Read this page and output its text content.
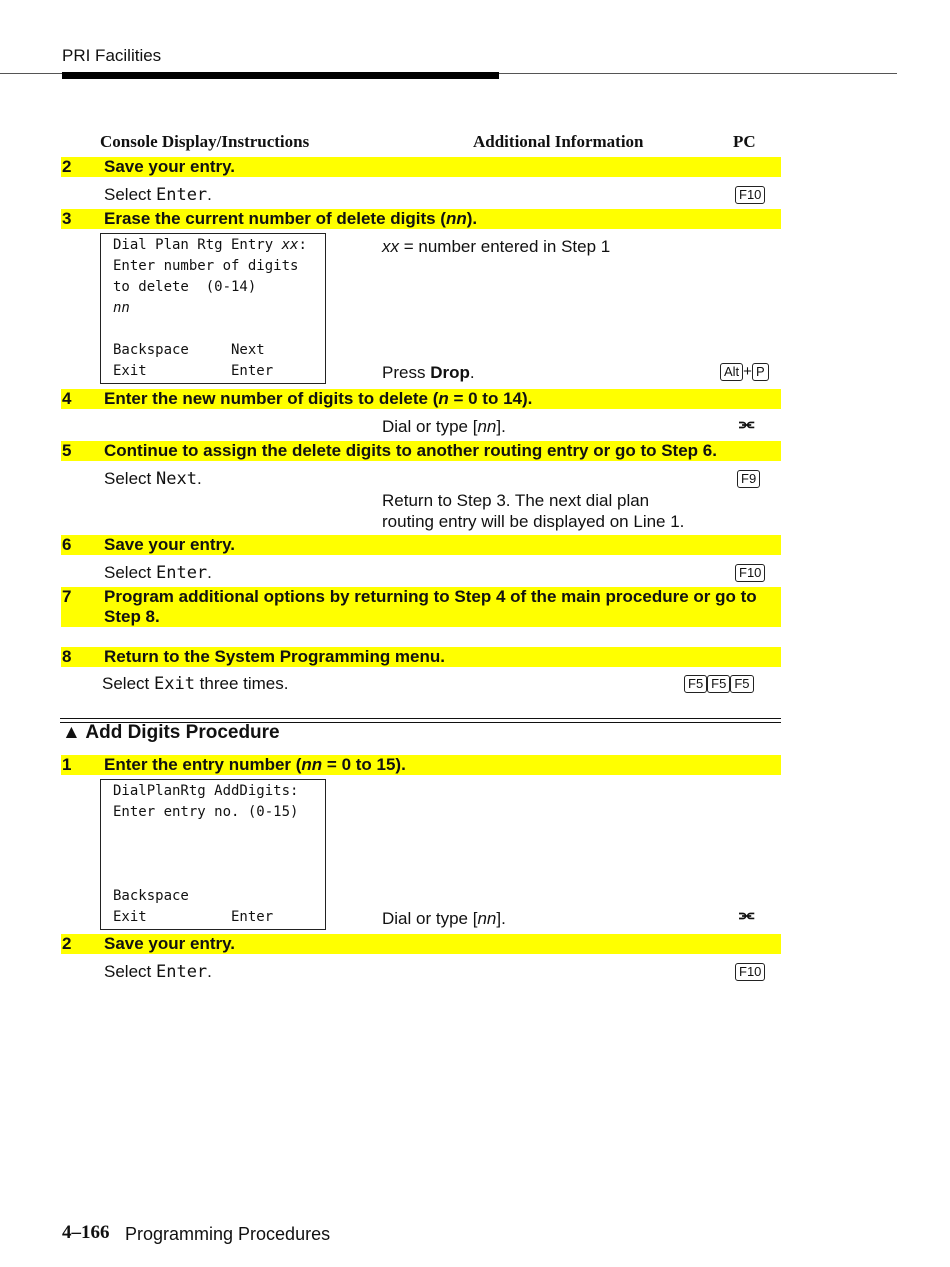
PRI Facilities
Console Display/Instructions	Additional Information	PC
2 Save your entry.
Select Enter.	F10
3 Erase the current number of delete digits (nn).
Dial Plan Rtg Entry xx:
Enter number of digits
to delete  (0-14)
nn
Backspace     Next
Exit          Enter
xx = number entered in Step 1
Press Drop.	Alt + P
4 Enter the new number of digits to delete (n = 0 to 14).
Dial or type [nn].	⫘
5 Continue to assign the delete digits to another routing entry or go to Step 6.
Select Next.	F9
Return to Step 3. The next dial plan
routing entry will be displayed on Line 1.
6 Save your entry.
Select Enter.	F10
7 Program additional options by returning to Step 4 of the main procedure or go to Step 8.
8 Return to the System Programming menu.
Select Exit three times.	F5 F5 F5
▲ Add Digits Procedure
1 Enter the entry number (nn = 0 to 15).
DialPlanRtg AddDigits:
Enter entry no. (0-15)
Backspace
Exit          Enter	Dial or type [nn].	⫘
2 Save your entry.
Select Enter.	F10
4–166 Programming Procedures
